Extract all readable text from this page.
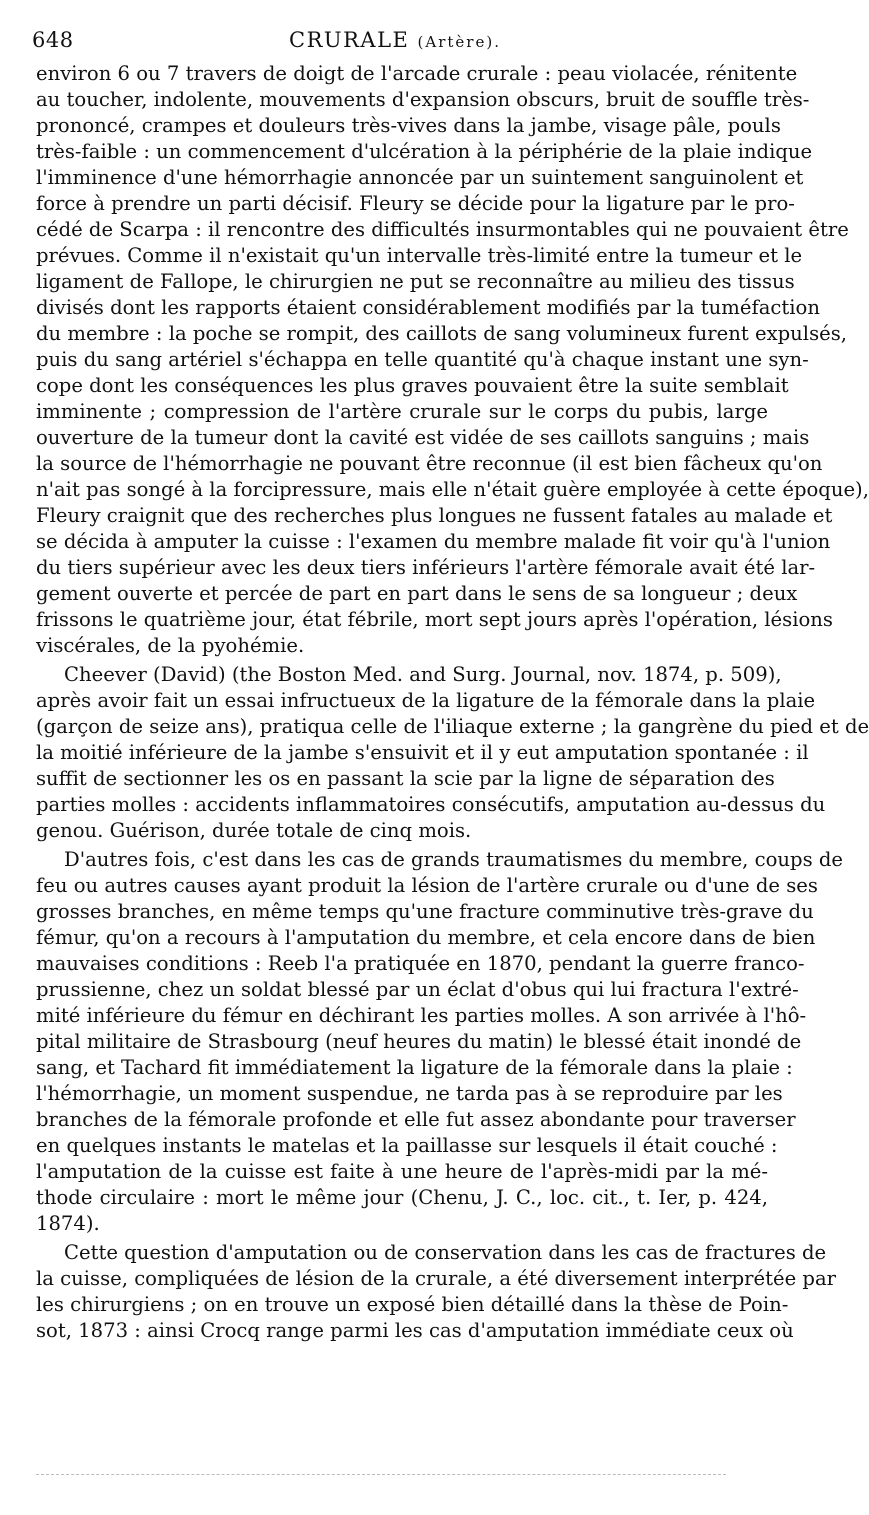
648	CRURALE (Artère).

environ 6 ou 7 travers de doigt de l'arcade crurale : peau violacée, rénitente
au toucher, indolente, mouvements d'expansion obscurs, bruit de souffle très-
prononcé, crampes et douleurs très-vives dans la jambe, visage pâle, pouls
très-faible : un commencement d'ulcération à la périphérie de la plaie indique
l'imminence d'une hémorrhagie annoncée par un suintement sanguinolent et
force à prendre un parti décisif. Fleury se décide pour la ligature par le pro-
cédé de Scarpa : il rencontre des difficultés insurmontables qui ne pouvaient être
prévues. Comme il n'existait qu'un intervalle très-limité entre la tumeur et le
ligament de Fallope, le chirurgien ne put se reconnaître au milieu des tissus
divisés dont les rapports étaient considérablement modifiés par la tuméfaction
du membre : la poche se rompit, des caillots de sang volumineux furent expulsés,
puis du sang artériel s'échappa en telle quantité qu'à chaque instant une syn-
cope dont les conséquences les plus graves pouvaient être la suite semblait
imminente ; compression de l'artère crurale sur le corps du pubis, large
ouverture de la tumeur dont la cavité est vidée de ses caillots sanguins ; mais
la source de l'hémorrhagie ne pouvant être reconnue (il est bien fâcheux qu'on
n'ait pas songé à la forcipressure, mais elle n'était guère employée à cette époque),
Fleury craignit que des recherches plus longues ne fussent fatales au malade et
se décida à amputer la cuisse : l'examen du membre malade fit voir qu'à l'union
du tiers supérieur avec les deux tiers inférieurs l'artère fémorale avait été lar-
gement ouverte et percée de part en part dans le sens de sa longueur ; deux
frissons le quatrième jour, état fébrile, mort sept jours après l'opération, lésions
viscérales, de la pyohémie.

Cheever (David) (the Boston Med. and Surg. Journal, nov. 1874, p. 509),
après avoir fait un essai infructueux de la ligature de la fémorale dans la plaie
(garçon de seize ans), pratiqua celle de l'iliaque externe ; la gangrène du pied et de
la moitié inférieure de la jambe s'ensuivit et il y eut amputation spontanée : il
suffit de sectionner les os en passant la scie par la ligne de séparation des
parties molles : accidents inflammatoires consécutifs, amputation au-dessus du
genou. Guérison, durée totale de cinq mois.

D'autres fois, c'est dans les cas de grands traumatismes du membre, coups de
feu ou autres causes ayant produit la lésion de l'artère crurale ou d'une de ses
grosses branches, en même temps qu'une fracture comminutive très-grave du
fémur, qu'on a recours à l'amputation du membre, et cela encore dans de bien
mauvaises conditions : Reeb l'a pratiquée en 1870, pendant la guerre franco-
prussienne, chez un soldat blessé par un éclat d'obus qui lui fractura l'extré-
mité inférieure du fémur en déchirant les parties molles. A son arrivée à l'hô-
pital militaire de Strasbourg (neuf heures du matin) le blessé était inondé de
sang, et Tachard fit immédiatement la ligature de la fémorale dans la plaie :
l'hémorrhagie, un moment suspendue, ne tarda pas à se reproduire par les
branches de la fémorale profonde et elle fut assez abondante pour traverser
en quelques instants le matelas et la paillasse sur lesquels il était couché :
l'amputation de la cuisse est faite à une heure de l'après-midi par la mé-
thode circulaire : mort le même jour (Chenu, J. C., loc. cit., t. Ier, p. 424,
1874).

Cette question d'amputation ou de conservation dans les cas de fractures de
la cuisse, compliquées de lésion de la crurale, a été diversement interprétée par
les chirurgiens ; on en trouve un exposé bien détaillé dans la thèse de Poin-
sot, 1873 : ainsi Crocq range parmi les cas d'amputation immédiate ceux où
